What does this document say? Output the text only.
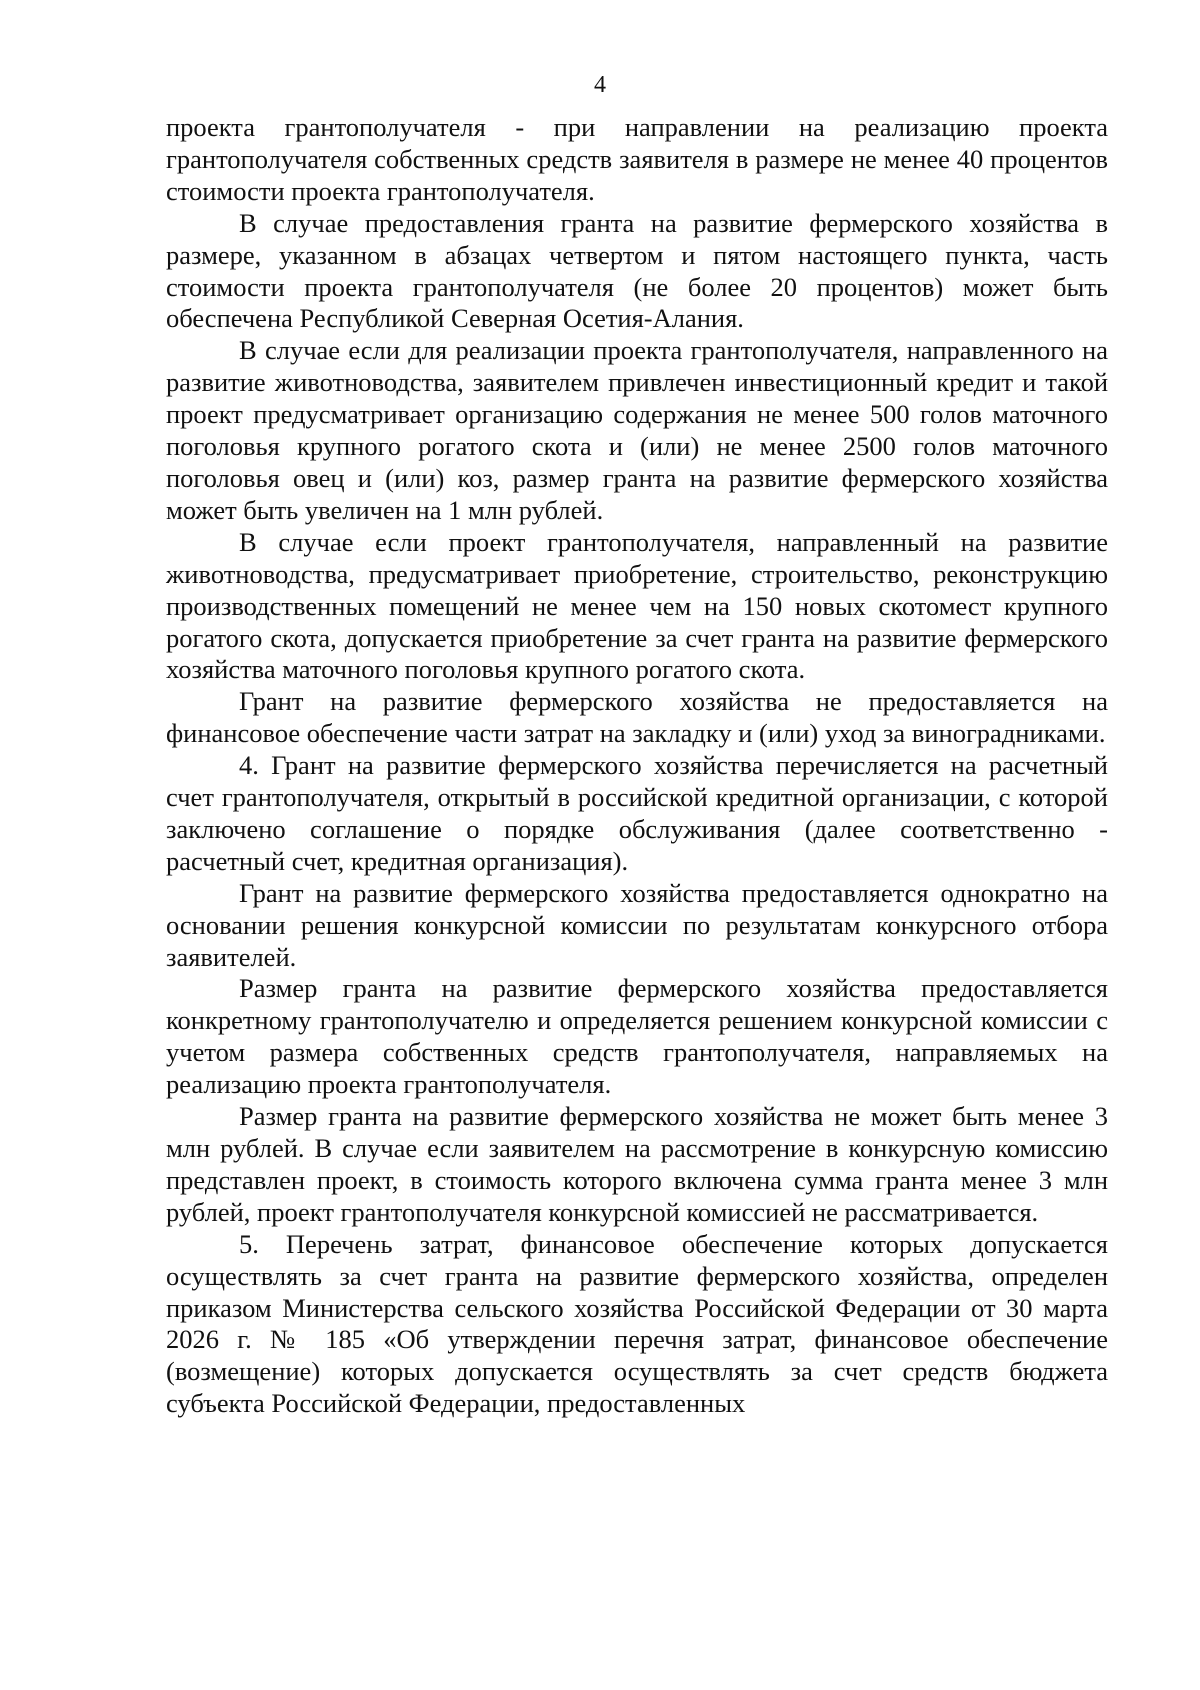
4

проекта грантополучателя - при направлении на реализацию проекта грантополучателя собственных средств заявителя в размере не менее 40 процентов стоимости проекта грантополучателя.

В случае предоставления гранта на развитие фермерского хозяйства в размере, указанном в абзацах четвертом и пятом настоящего пункта, часть стоимости проекта грантополучателя (не более 20 процентов) может быть обеспечена Республикой Северная Осетия-Алания.

В случае если для реализации проекта грантополучателя, направленного на развитие животноводства, заявителем привлечен инвестиционный кредит и такой проект предусматривает организацию содержания не менее 500 голов маточного поголовья крупного рогатого скота и (или) не менее 2500 голов маточного поголовья овец и (или) коз, размер гранта на развитие фермерского хозяйства может быть увеличен на 1 млн рублей.

В случае если проект грантополучателя, направленный на развитие животноводства, предусматривает приобретение, строительство, реконструкцию производственных помещений не менее чем на 150 новых скотомест крупного рогатого скота, допускается приобретение за счет гранта на развитие фермерского хозяйства маточного поголовья крупного рогатого скота.

Грант на развитие фермерского хозяйства не предоставляется на финансовое обеспечение части затрат на закладку и (или) уход за виноградниками.

4. Грант на развитие фермерского хозяйства перечисляется на расчетный счет грантополучателя, открытый в российской кредитной организации, с которой заключено соглашение о порядке обслуживания (далее соответственно - расчетный счет, кредитная организация).

Грант на развитие фермерского хозяйства предоставляется однократно на основании решения конкурсной комиссии по результатам конкурсного отбора заявителей.

Размер гранта на развитие фермерского хозяйства предоставляется конкретному грантополучателю и определяется решением конкурсной комиссии с учетом размера собственных средств грантополучателя, направляемых на реализацию проекта грантополучателя.

Размер гранта на развитие фермерского хозяйства не может быть менее 3 млн рублей. В случае если заявителем на рассмотрение в конкурсную комиссию представлен проект, в стоимость которого включена сумма гранта менее 3 млн рублей, проект грантополучателя конкурсной комиссией не рассматривается.

5. Перечень затрат, финансовое обеспечение которых допускается осуществлять за счет гранта на развитие фермерского хозяйства, определен приказом Министерства сельского хозяйства Российской Федерации от 30 марта 2026 г. № 185 «Об утверждении перечня затрат, финансовое обеспечение (возмещение) которых допускается осуществлять за счет средств бюджета субъекта Российской Федерации, предоставленных
